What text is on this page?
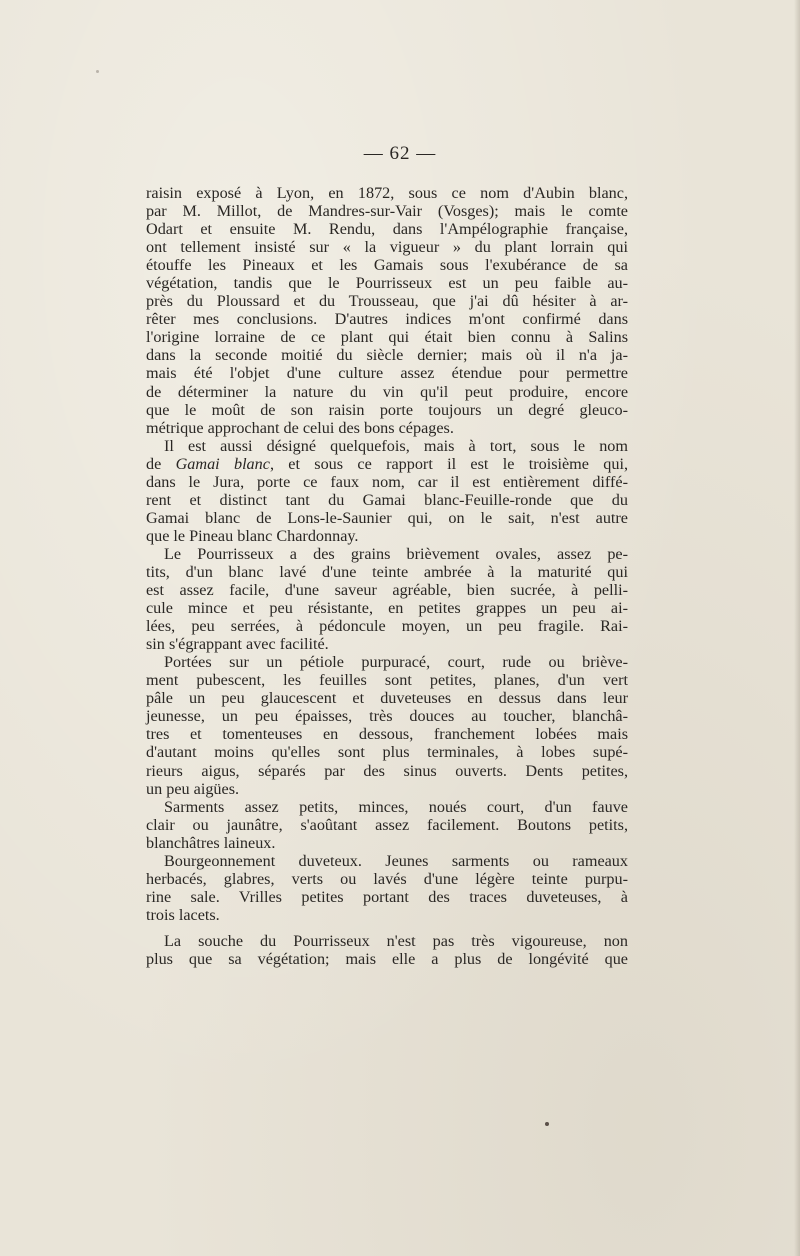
— 62 —
raisin exposé à Lyon, en 1872, sous ce nom d'Aubin blanc,
par M. Millot, de Mandres-sur-Vair (Vosges); mais le comte
Odart et ensuite M. Rendu, dans l'Ampélographie française,
ont tellement insisté sur « la vigueur » du plant lorrain qui
étouffe les Pineaux et les Gamais sous l'exubérance de sa
végétation, tandis que le Pourrisseux est un peu faible au-
près du Ploussard et du Trousseau, que j'ai dû hésiter à ar-
rêter mes conclusions. D'autres indices m'ont confirmé dans
l'origine lorraine de ce plant qui était bien connu à Salins
dans la seconde moitié du siècle dernier; mais où il n'a ja-
mais été l'objet d'une culture assez étendue pour permettre
de déterminer la nature du vin qu'il peut produire, encore
que le moût de son raisin porte toujours un degré gleuco-
métrique approchant de celui des bons cépages.
Il est aussi désigné quelquefois, mais à tort, sous le nom
de Gamai blanc, et sous ce rapport il est le troisième qui,
dans le Jura, porte ce faux nom, car il est entièrement diffé-
rent et distinct tant du Gamai blanc-Feuille-ronde que du
Gamai blanc de Lons-le-Saunier qui, on le sait, n'est autre
que le Pineau blanc Chardonnay.
Le Pourrisseux a des grains brièvement ovales, assez pe-
tits, d'un blanc lavé d'une teinte ambrée à la maturité qui
est assez facile, d'une saveur agréable, bien sucrée, à pelli-
cule mince et peu résistante, en petites grappes un peu ai-
lées, peu serrées, à pédoncule moyen, un peu fragile. Rai-
sin s'égrappant avec facilité.
Portées sur un pétiole purpuracé, court, rude ou briève-
ment pubescent, les feuilles sont petites, planes, d'un vert
pâle un peu glaucescent et duveteuses en dessus dans leur
jeunesse, un peu épaisses, très douces au toucher, blanchâ-
tres et tomenteuses en dessous, franchement lobées mais
d'autant moins qu'elles sont plus terminales, à lobes supé-
rieurs aigus, séparés par des sinus ouverts. Dents petites,
un peu aigües.
Sarments assez petits, minces, noués court, d'un fauve
clair ou jaunâtre, s'aoûtant assez facilement. Boutons petits,
blanchâtres laineux.
Bourgeonnement duveteux. Jeunes sarments ou rameaux
herbacés, glabres, verts ou lavés d'une légère teinte purpu-
rine sale. Vrilles petites portant des traces duveteuses, à
trois lacets.
La souche du Pourrisseux n'est pas très vigoureuse, non
plus que sa végétation; mais elle a plus de longévité que
